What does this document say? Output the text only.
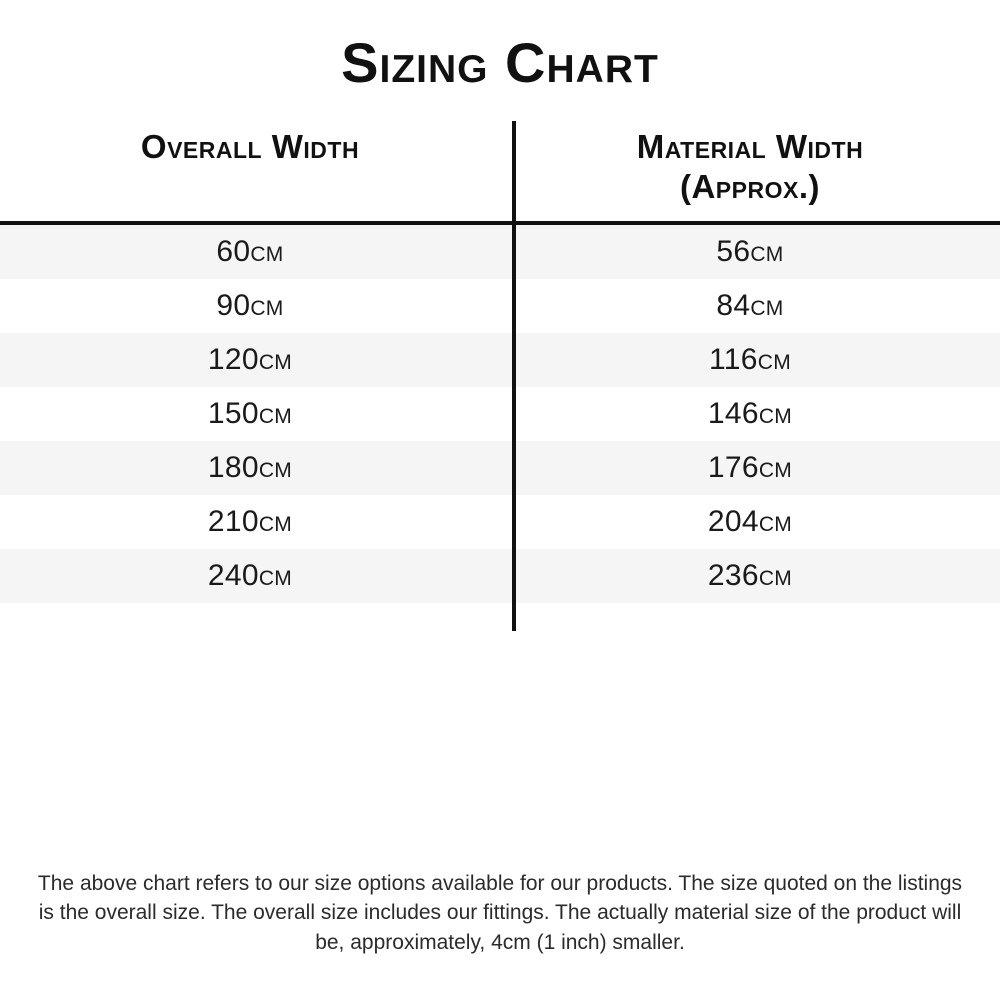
Sizing Chart
Overall Width	Material Width
(Approx.)
60cm	56cm
90cm	84cm
120cm	116cm
150cm	146cm
180cm	176cm
210cm	204cm
240cm	236cm
The above chart refers to our size options available for our products. The size quoted on the listings is the overall size. The overall size includes our fittings. The actually material size of the product will be, approximately, 4cm (1 inch) smaller.
